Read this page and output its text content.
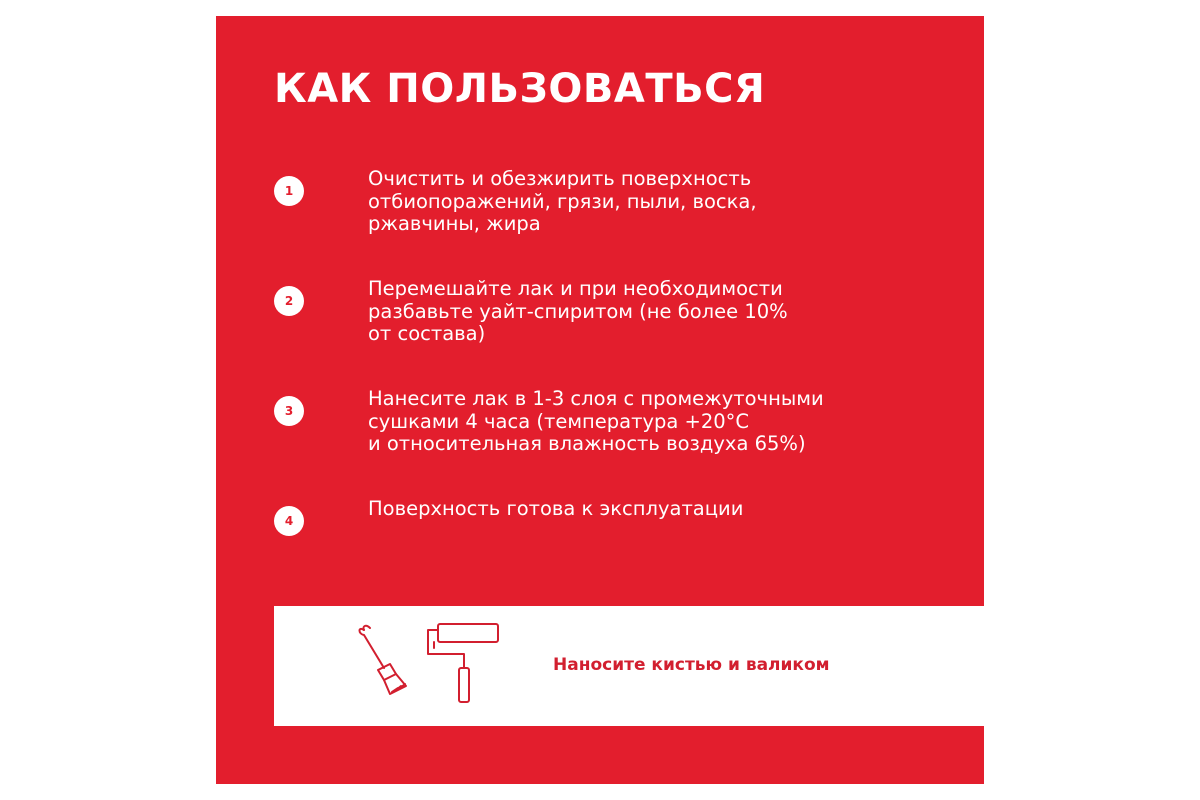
КАК ПОЛЬЗОВАТЬСЯ
1
Очистить и обезжирить поверхность
отбиопоражений, грязи, пыли, воска,
ржавчины, жира
2
Перемешайте лак и при необходимости
разбавьте уайт-спиритом (не более 10%
от состава)
3
Нанесите лак в 1-3 слоя с промежуточными
сушками 4 часа (температура +20°C
и относительная влажность воздуха 65%)
4
Поверхность готова к эксплуатации
Наносите кистью и валиком
